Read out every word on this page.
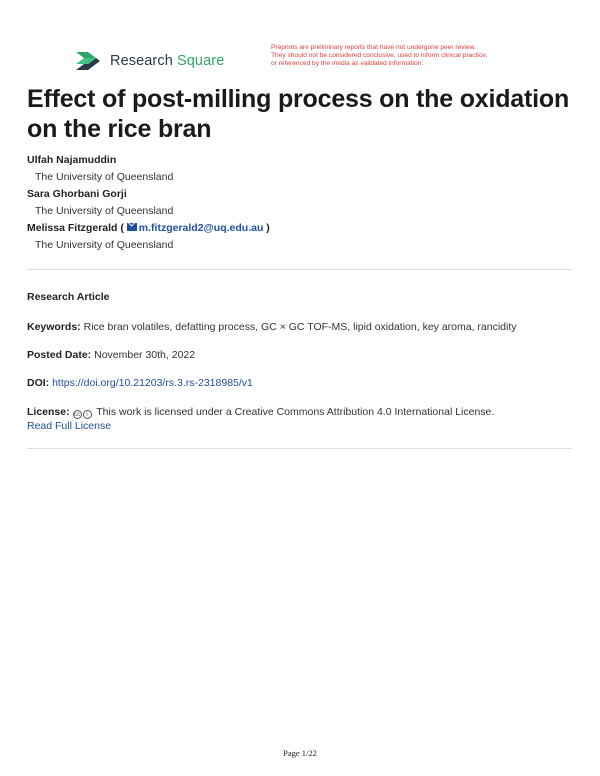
Research Square
Preprints are preliminary reports that have not undergone peer review.
They should not be considered conclusive, used to inform clinical practice,
or referenced by the media as validated information.
Effect of post-milling process on the oxidation on the rice bran
Ulfah Najamuddin
The University of Queensland
Sara Ghorbani Gorji
The University of Queensland
Melissa Fitzgerald ( m.fitzgerald2@uq.edu.au )
The University of Queensland
Research Article
Keywords: Rice bran volatiles, defatting process, GC × GC TOF-MS, lipid oxidation, key aroma, rancidity
Posted Date: November 30th, 2022
DOI: https://doi.org/10.21203/rs.3.rs-2318985/v1
License: cc	i This work is licensed under a Creative Commons Attribution 4.0 International License.
Read Full License
Page 1/22
